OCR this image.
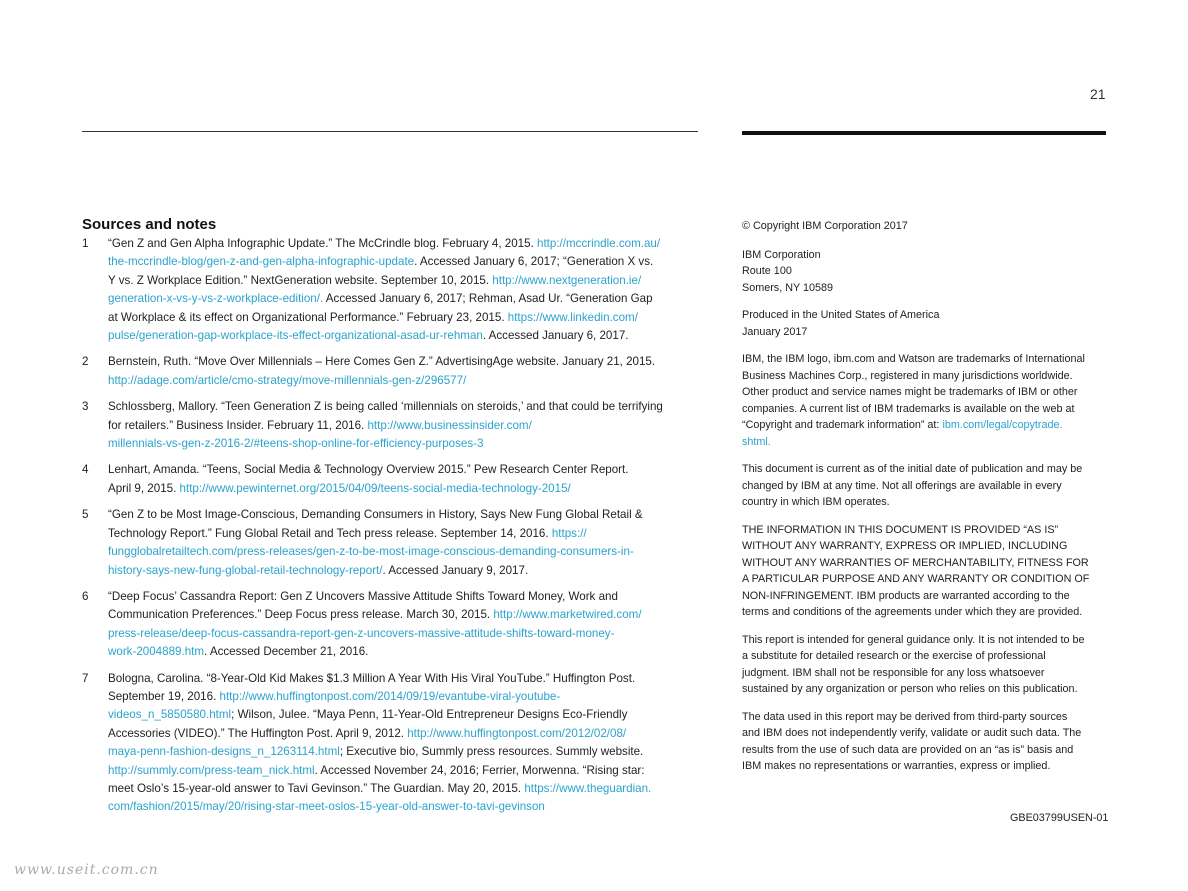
21
Sources and notes
1 “Gen Z and Gen Alpha Infographic Update.” The McCrindle blog. February 4, 2015. http://mccrindle.com.au/
the-mccrindle-blog/gen-z-and-gen-alpha-infographic-update. Accessed January 6, 2017; “Generation X vs.
Y vs. Z Workplace Edition.” NextGeneration website. September 10, 2015. http://www.nextgeneration.ie/
generation-x-vs-y-vs-z-workplace-edition/. Accessed January 6, 2017; Rehman, Asad Ur. “Generation Gap
at Workplace & its effect on Organizational Performance.” February 23, 2015. https://www.linkedin.com/
pulse/generation-gap-workplace-its-effect-organizational-asad-ur-rehman. Accessed January 6, 2017.
2 Bernstein, Ruth. “Move Over Millennials – Here Comes Gen Z.” AdvertisingAge website. January 21, 2015.
http://adage.com/article/cmo-strategy/move-millennials-gen-z/296577/
3 Schlossberg, Mallory. “Teen Generation Z is being called ‘millennials on steroids,’ and that could be terrifying
for retailers.” Business Insider. February 11, 2016. http://www.businessinsider.com/
millennials-vs-gen-z-2016-2/#teens-shop-online-for-efficiency-purposes-3
4 Lenhart, Amanda. “Teens, Social Media & Technology Overview 2015.” Pew Research Center Report.
April 9, 2015. http://www.pewinternet.org/2015/04/09/teens-social-media-technology-2015/
5 “Gen Z to be Most Image-Conscious, Demanding Consumers in History, Says New Fung Global Retail &
Technology Report.” Fung Global Retail and Tech press release. September 14, 2016. https://
fungglobalretailtech.com/press-releases/gen-z-to-be-most-image-conscious-demanding-consumers-in-
history-says-new-fung-global-retail-technology-report/. Accessed January 9, 2017.
6 “Deep Focus’ Cassandra Report: Gen Z Uncovers Massive Attitude Shifts Toward Money, Work and
Communication Preferences.” Deep Focus press release. March 30, 2015. http://www.marketwired.com/
press-release/deep-focus-cassandra-report-gen-z-uncovers-massive-attitude-shifts-toward-money-
work-2004889.htm. Accessed December 21, 2016.
7 Bologna, Carolina. “8-Year-Old Kid Makes $1.3 Million A Year With His Viral YouTube.” Huffington Post.
September 19, 2016. http://www.huffingtonpost.com/2014/09/19/evantube-viral-youtube-
videos_n_5850580.html; Wilson, Julee. “Maya Penn, 11-Year-Old Entrepreneur Designs Eco-Friendly
Accessories (VIDEO).” The Huffington Post. April 9, 2012. http://www.huffingtonpost.com/2012/02/08/
maya-penn-fashion-designs_n_1263114.html; Executive bio, Summly press resources. Summly website.
http://summly.com/press-team_nick.html. Accessed November 24, 2016; Ferrier, Morwenna. “Rising star:
meet Oslo’s 15-year-old answer to Tavi Gevinson.” The Guardian. May 20, 2015. https://www.theguardian.
com/fashion/2015/may/20/rising-star-meet-oslos-15-year-old-answer-to-tavi-gevinson

© Copyright IBM Corporation 2017

IBM Corporation
Route 100
Somers, NY 10589

Produced in the United States of America
January 2017

IBM, the IBM logo, ibm.com and Watson are trademarks of International
Business Machines Corp., registered in many jurisdictions worldwide.
Other product and service names might be trademarks of IBM or other
companies. A current list of IBM trademarks is available on the web at
“Copyright and trademark information” at: ibm.com/legal/copytrade.
shtml.

This document is current as of the initial date of publication and may be
changed by IBM at any time. Not all offerings are available in every
country in which IBM operates.

THE INFORMATION IN THIS DOCUMENT IS PROVIDED “AS IS”
WITHOUT ANY WARRANTY, EXPRESS OR IMPLIED, INCLUDING
WITHOUT ANY WARRANTIES OF MERCHANTABILITY, FITNESS FOR
A PARTICULAR PURPOSE AND ANY WARRANTY OR CONDITION OF
NON-INFRINGEMENT. IBM products are warranted according to the
terms and conditions of the agreements under which they are provided.

This report is intended for general guidance only. It is not intended to be
a substitute for detailed research or the exercise of professional
judgment. IBM shall not be responsible for any loss whatsoever
sustained by any organization or person who relies on this publication.

The data used in this report may be derived from third-party sources
and IBM does not independently verify, validate or audit such data. The
results from the use of such data are provided on an “as is” basis and
IBM makes no representations or warranties, express or implied.

GBE03799USEN-01
www.useit.com.cn
